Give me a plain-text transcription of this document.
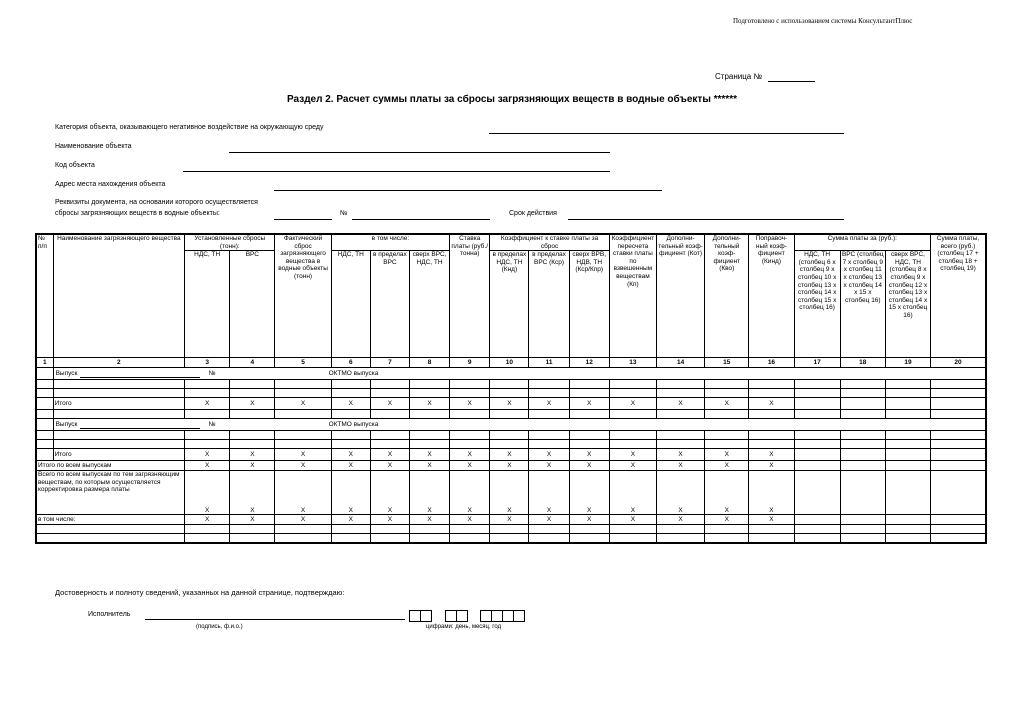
Подготовлено с использованием системы КонсультантПлюс
Страница №
Раздел 2. Расчет суммы платы за сбросы загрязняющих веществ в водные объекты ******
Категория объекта, оказывающего негативное воздействие на окружающую среду
Наименование объекта
Код объекта
Адрес места нахождения объекта
Реквизиты документа, на основании которого осуществляется
сбросы загрязняющих веществ в водные объекты:	№	Срок действия
№ п/п	Наименование загрязняющего вещества	Установленные сбросы (тонн):		Фактический сброс загрязняющего вещества в водные объекты (тонн)	в том числе:			Ставка платы (руб./ тонна)	Коэффициент к ставке платы за сброс			Коэффициент пересчета ставки платы по взвешенным веществам (Кп)	Дополни-тельный коэф-фициент (Кот)	Дополни-тельный коэф-фициент (Кво)	Поправоч-ный коэф-фициент (Кинд)	Сумма платы за (руб.):			Сумма платы, всего (руб.) (столбец 17 + столбец 18 + столбец 19)
		НДС, ТН	ВРС		НДС, ТН	в пределах ВРС	сверх ВРС, НДС, ТН		в пределах НДС, ТН (Кнд)	в пределах ВРС (Кср)	сверх ВРВ, НДВ, ТН (Кср/Кпр)					НДС, ТН (столбец 6 x столбец 9 x столбец 10 x столбец 13 x столбец 14 x столбец 15 x столбец 16)	ВРС (столбец 7 x столбец 9 x столбец 11 x столбец 13 x столбец 14 x 15 x столбец 16)	сверх ВРС, НДС, ТН (столбец 8 x столбец 9 x столбец 12 x столбец 13 x столбец 14 x 15 x столбец 16)	
1	2	3	4	5	6	7	8	9	10	11	12	13	14	15	16	17	18	19	20

	Выпуск № ОКТМО выпуска																		

	Итого	X	X	X	X	X	X	X	X	X	X	X	X	X	X				

	Выпуск № ОКТМО выпуска																		

	Итого	X	X	X	X	X	X	X	X	X	X	X	X	X	X				
Итого по всем выпускам		X	X	X	X	X	X	X	X	X	X	X	X	X	X				
Всего по всем выпускам по тем загрязняющим веществам, по которым осуществляется корректировка размера платы		X	X	X	X	X	X	X	X	X	X	X	X	X	X				
в том числе:		X	X	X	X	X	X	X	X	X	X	X	X	X	X				

Достоверность и полноту сведений, указанных на данной странице, подтверждаю:
Исполнитель
(подпись, ф.и.о.)	цифрами: день, месяц, год
